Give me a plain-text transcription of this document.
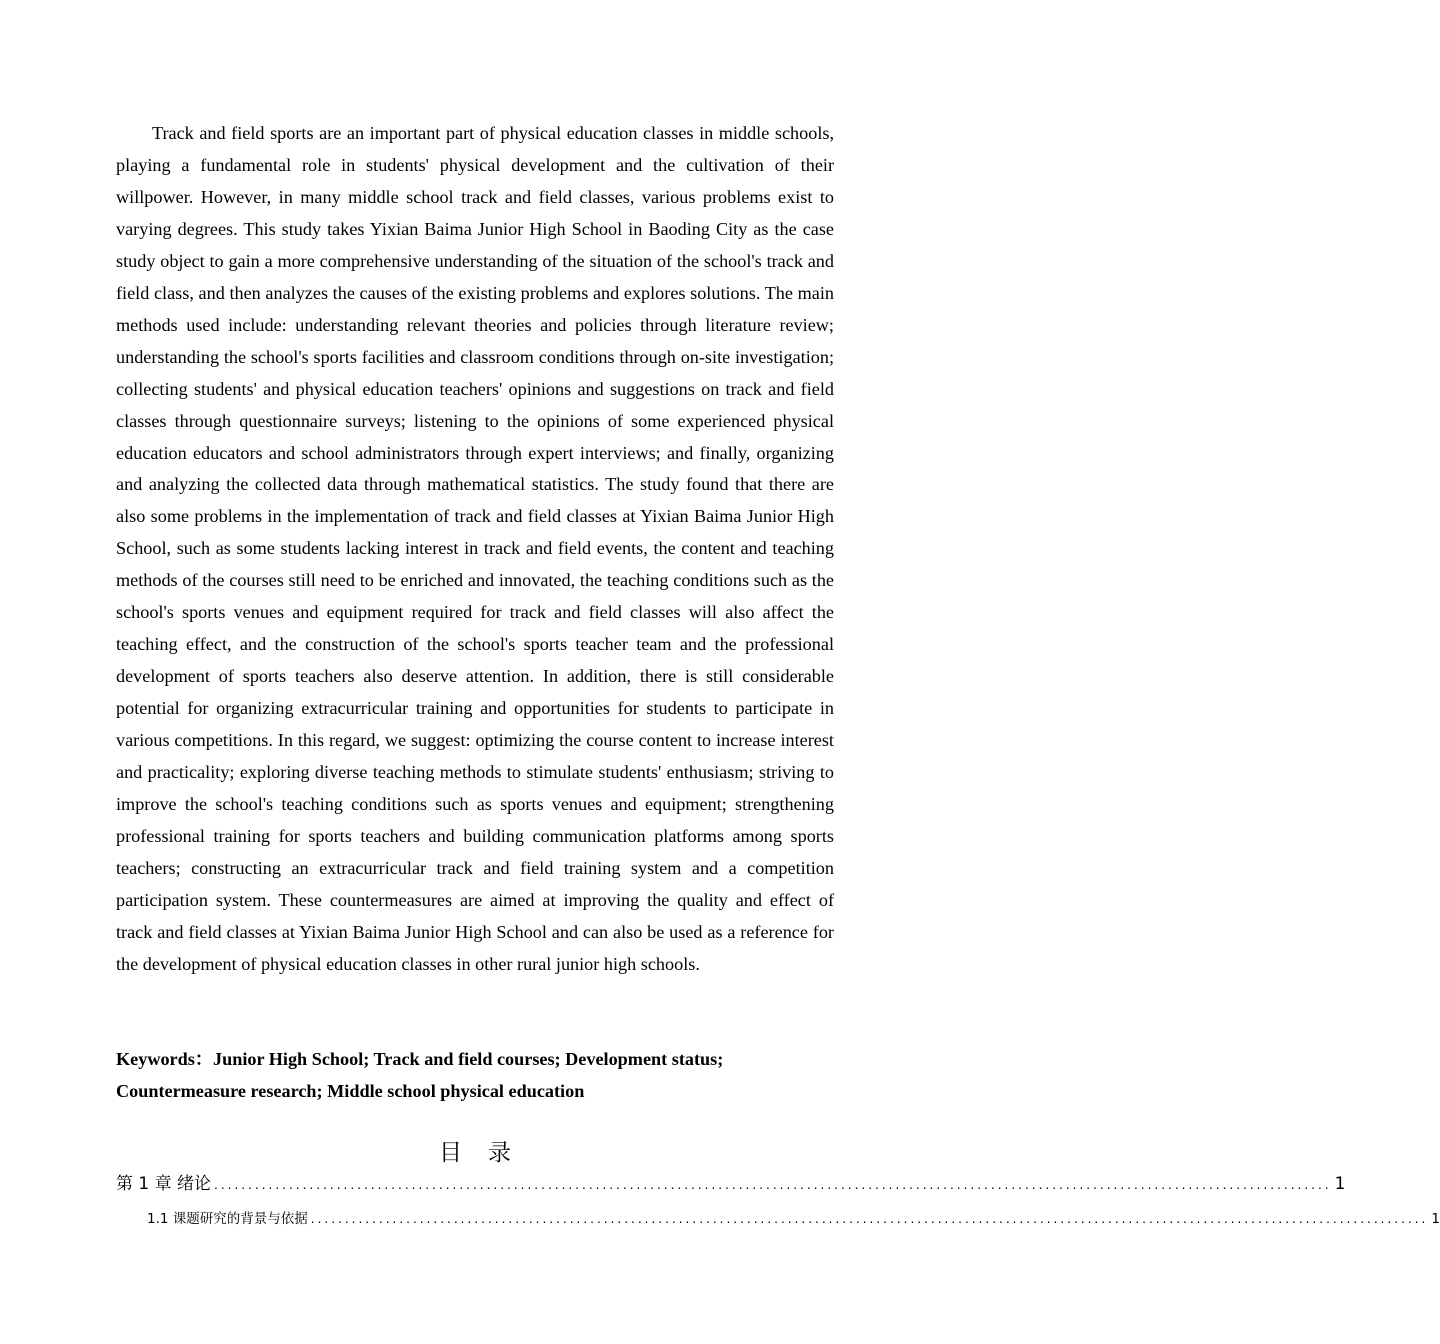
Track and field sports are an important part of physical education classes in middle schools, playing a fundamental role in students' physical development and the cultivation of their willpower. However, in many middle school track and field classes, various problems exist to varying degrees. This study takes Yixian Baima Junior High School in Baoding City as the case study object to gain a more comprehensive understanding of the situation of the school's track and field class, and then analyzes the causes of the existing problems and explores solutions. The main methods used include: understanding relevant theories and policies through literature review; understanding the school's sports facilities and classroom conditions through on-site investigation; collecting students' and physical education teachers' opinions and suggestions on track and field classes through questionnaire surveys; listening to the opinions of some experienced physical education educators and school administrators through expert interviews; and finally, organizing and analyzing the collected data through mathematical statistics. The study found that there are also some problems in the implementation of track and field classes at Yixian Baima Junior High School, such as some students lacking interest in track and field events, the content and teaching methods of the courses still need to be enriched and innovated, the teaching conditions such as the school's sports venues and equipment required for track and field classes will also affect the teaching effect, and the construction of the school's sports teacher team and the professional development of sports teachers also deserve attention. In addition, there is still considerable potential for organizing extracurricular training and opportunities for students to participate in various competitions. In this regard, we suggest: optimizing the course content to increase interest and practicality; exploring diverse teaching methods to stimulate students' enthusiasm; striving to improve the school's teaching conditions such as sports venues and equipment; strengthening professional training for sports teachers and building communication platforms among sports teachers; constructing an extracurricular track and field training system and a competition participation system. These countermeasures are aimed at improving the quality and effect of track and field classes at Yixian Baima Junior High School and can also be used as a reference for the development of physical education classes in other rural junior high schools.

Keywords：Junior High School; Track and field courses; Development status; Countermeasure research; Middle school physical education

目录
第 1 章 绪论 .................................................................................................................................................................... 1
1.1 课题研究的背景与依据 .................................................................................................................................................................... 1
